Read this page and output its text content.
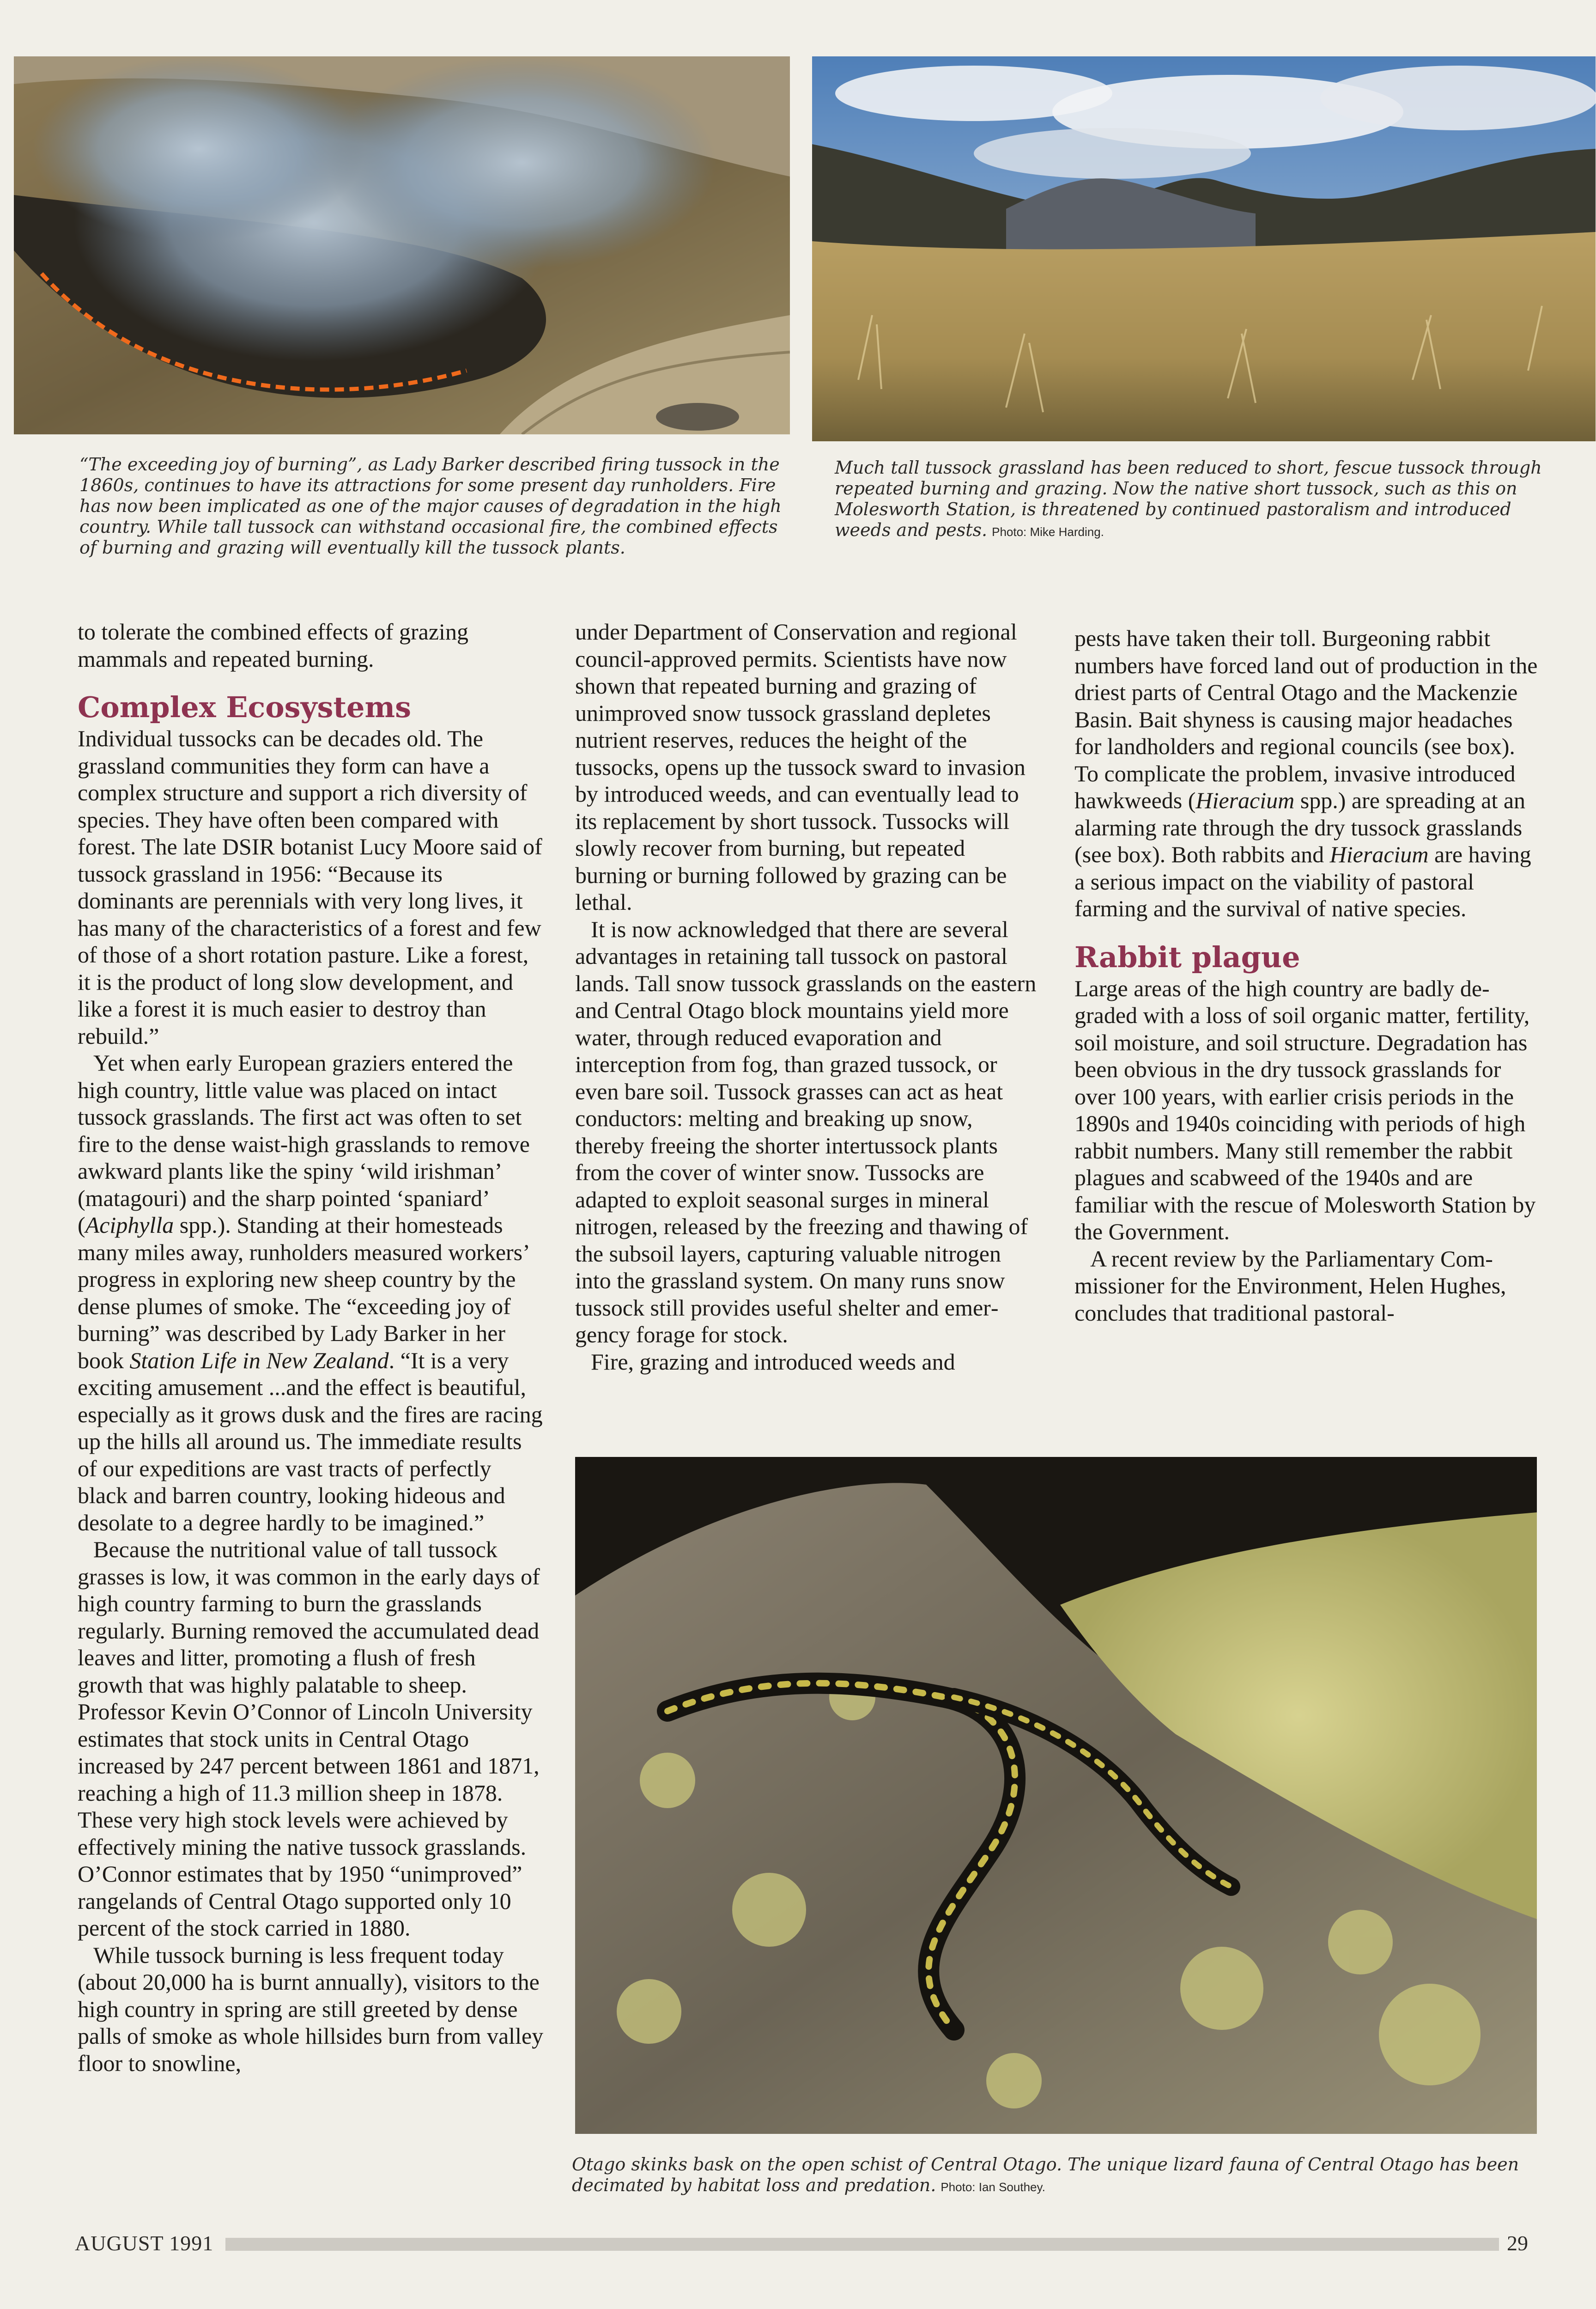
“The exceeding joy of burning”, as Lady Barker described firing tussock in the 1860s, continues to have its attractions for some present day runholders. Fire has now been implicated as one of the major causes of degradation in the high country. While tall tussock can withstand occasional fire, the combined effects of burning and grazing will eventually kill the tussock plants.
Much tall tussock grassland has been reduced to short, fescue tussock through repeated burning and grazing. Now the native short tussock, such as this on Molesworth Station, is threatened by continued pastoralism and introduced weeds and pests. Photo: Mike Harding.

to tolerate the combined effects of grazing mammals and repeated burning.

Complex Ecosystems

Individual tussocks can be decades old. The grassland communities they form can have a complex structure and support a rich diversity of species. They have often been compared with forest. The late DSIR botanist Lucy Moore said of tussock grassland in 1956: “Because its dominants are perennials with very long lives, it has many of the characteristics of a forest and few of those of a short rotation pasture. Like a forest, it is the product of long slow development, and like a forest it is much easier to destroy than rebuild.”

Yet when early European graziers entered the high country, little value was placed on intact tussock grasslands. The first act was often to set fire to the dense waist-high grasslands to remove awkward plants like the spiny ‘wild irishman’ (matagouri) and the sharp pointed ‘spaniard’ (Aciphylla spp.). Standing at their homesteads many miles away, runholders measured workers’ progress in exploring new sheep country by the dense plumes of smoke. The “exceeding joy of burning” was described by Lady Barker in her book Station Life in New Zealand. “It is a very exciting amusement ...and the effect is beautiful, especially as it grows dusk and the fires are racing up the hills all around us. The immediate results of our expeditions are vast tracts of perfectly black and barren country, looking hideous and desolate to a degree hardly to be imagined.”

Because the nutritional value of tall tussock grasses is low, it was common in the early days of high country farming to burn the grasslands regularly. Burning removed the accumulated dead leaves and litter, promoting a flush of fresh growth that was highly palatable to sheep. Professor Kevin O’Connor of Lincoln University estimates that stock units in Central Otago increased by 247 percent between 1861 and 1871, reaching a high of 11.3 million sheep in 1878. These very high stock levels were achieved by effectively mining the native tussock grasslands. O’Connor estimates that by 1950 “unimproved” rangelands of Central Otago supported only 10 percent of the stock carried in 1880.

While tussock burning is less frequent today (about 20,000 ha is burnt annually), visitors to the high country in spring are still greeted by dense palls of smoke as whole hillsides burn from valley floor to snowline,

under Department of Conservation and regional council-approved permits. Scientists have now shown that repeated burning and grazing of unimproved snow tussock grassland depletes nutrient reserves, reduces the height of the tussocks, opens up the tussock sward to invasion by introduced weeds, and can eventually lead to its replacement by short tussock. Tussocks will slowly recover from burning, but repeated burning or burning followed by grazing can be lethal.

It is now acknowledged that there are several advantages in retaining tall tussock on pastoral lands. Tall snow tussock grasslands on the eastern and Central Otago block mountains yield more water, through reduced evaporation and interception from fog, than grazed tussock, or even bare soil. Tussock grasses can act as heat conductors: melting and breaking up snow, thereby freeing the shorter intertussock plants from the cover of winter snow. Tussocks are adapted to exploit seasonal surges in mineral nitrogen, released by the freezing and thawing of the subsoil layers, capturing valuable nitrogen into the grassland system. On many runs snow tussock still provides useful shelter and emergency forage for stock.

Fire, grazing and introduced weeds and

pests have taken their toll. Burgeoning rabbit numbers have forced land out of production in the driest parts of Central Otago and the Mackenzie Basin. Bait shyness is causing major headaches for landholders and regional councils (see box). To complicate the problem, invasive introduced hawkweeds (Hieracium spp.) are spreading at an alarming rate through the dry tussock grasslands (see box). Both rabbits and Hieracium are having a serious impact on the viability of pastoral farming and the survival of native species.

Rabbit plague

Large areas of the high country are badly degraded with a loss of soil organic matter, fertility, soil moisture, and soil structure. Degradation has been obvious in the dry tussock grasslands for over 100 years, with earlier crisis periods in the 1890s and 1940s coinciding with periods of high rabbit numbers. Many still remember the rabbit plagues and scabweed of the 1940s and are familiar with the rescue of Molesworth Station by the Government.

A recent review by the Parliamentary Commissioner for the Environment, Helen Hughes, concludes that traditional pastoral-

Otago skinks bask on the open schist of Central Otago. The unique lizard fauna of Central Otago has been decimated by habitat loss and predation. Photo: Ian Southey.
AUGUST 1991	29
